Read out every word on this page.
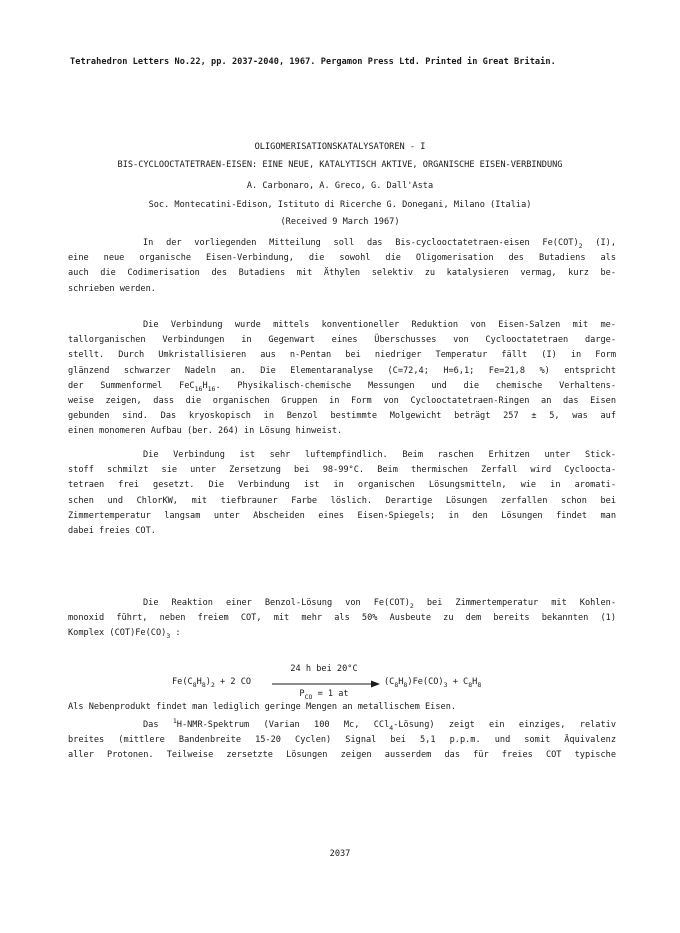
Tetrahedron Letters No.22, pp. 2037-2040, 1967. Pergamon Press Ltd. Printed in Great Britain.
OLIGOMERISATIONSKATALYSATOREN - I
BIS-CYCLOOCTATETRAEN-EISEN: EINE NEUE, KATALYTISCH AKTIVE, ORGANISCHE EISEN-VERBINDUNG
A. Carbonaro, A. Greco, G. Dall'Asta
Soc. Montecatini-Edison, Istituto di Ricerche G. Donegani, Milano (Italia)
(Received 9 March 1967)
In der vorliegenden Mitteilung soll das Bis-cyclooctatetraen-eisen $Fe(COT)_2$ (I),
eine neue organische Eisen-Verbindung, die sowohl die Oligomerisation des Butadiens als
auch die Codimerisation des Butadiens mit Äthylen selektiv zu katalysieren vermag, kurz be-
schrieben werden.
Die Verbindung wurde mittels konventioneller Reduktion von Eisen-Salzen mit me-
tallorganischen Verbindungen in Gegenwart eines Überschusses von Cyclooctatetraen darge-
stellt. Durch Umkristallisieren aus n-Pentan bei niedriger Temperatur fällt (I) in Form
glänzend schwarzer Nadeln an. Die Elementaranalyse (C=72,4; H=6,1; Fe=21,8 %) entspricht
der Summenformel $FeC_{16}H_{16}$. Physikalisch-chemische Messungen und die chemische Verhaltens-
weise zeigen, dass die organischen Gruppen in Form von Cyclooctatetraen-Ringen an das Eisen
gebunden sind. Das kryoskopisch in Benzol bestimmte Molgewicht beträgt 257 ± 5, was auf
einen monomeren Aufbau (ber. 264) in Lösung hinweist.
Die Verbindung ist sehr luftempfindlich. Beim raschen Erhitzen unter Stick-
stoff schmilzt sie unter Zersetzung bei 98-99°C. Beim thermischen Zerfall wird Cycloocta-
tetraen frei gesetzt. Die Verbindung ist in organischen Lösungsmitteln, wie in aromati-
schen und ChlorKW, mit tiefbrauner Farbe löslich. Derartige Lösungen zerfallen schon bei
Zimmertemperatur langsam unter Abscheiden eines Eisen-Spiegels; in den Lösungen findet man
dabei freies COT.
Die Reaktion einer Benzol-Lösung von $Fe(COT)_2$ bei Zimmertemperatur mit Kohlen-
monoxid führt, neben freiem COT, mit mehr als 50% Ausbeute zu dem bereits bekannten (1)
Komplex $(COT)Fe(CO)_3$ :
$Fe(C_8H_8)_2 + 2$ CO
24 h bei 20°C
$P_{CO} = 1$ at
$(C_8H_8)Fe(CO)_3 + C_8H_8$
Als Nebenprodukt findet man lediglich geringe Mengen an metallischem Eisen.
Das $^1$H-NMR-Spektrum (Varian 100 Mc, CCl$_4$-Lösung) zeigt ein einziges, relativ
breites (mittlere Bandenbreite 15-20 Cyclen) Signal bei 5,1 p.p.m. und somit Äquivalenz
aller Protonen. Teilweise zersetzte Lösungen zeigen ausserdem das für freies COT typische
2037
